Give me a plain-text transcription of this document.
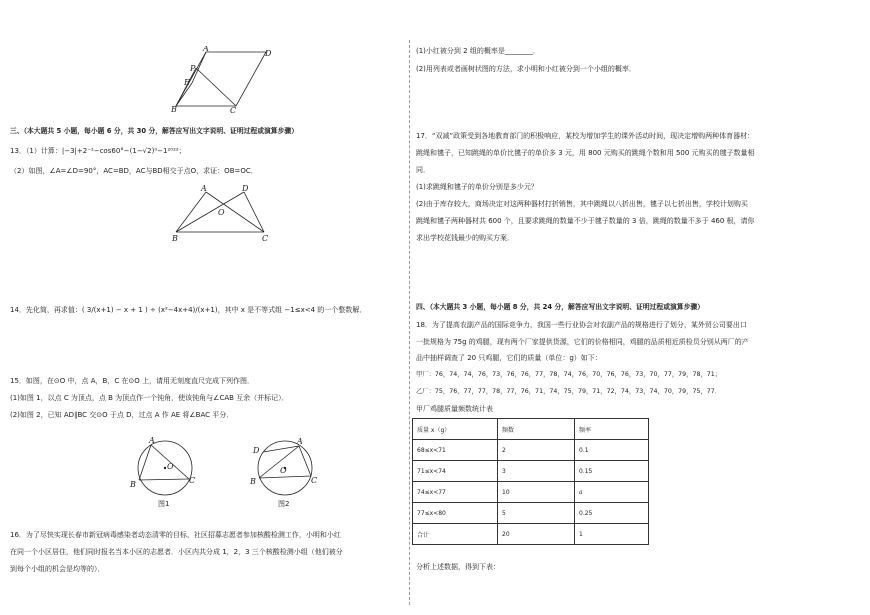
A
D
P
E
B	C
三、（本大题共 5 小题，每小题 6 分，共 30 分，解答应写出文字说明、证明过程或演算步骤）
13．（1）计算：|−3|+2⁻¹−cos60°−(1−√2)⁰−1²⁰²²；
（2）如图，∠A=∠D=90°，AC=BD，AC与BD相交于点O，求证：OB=OC．
A	D
O
B	C
14．先化简，再求值：( 3/(x+1) − x + 1 ) ÷ (x²−4x+4)/(x+1)，其中 x 是不等式组 −1≤x<4 的一个整数解．
15．如图，在⊙O 中，点 A，B，C 在⊙O 上，请用无刻度直尺完成下列作图．
(1)如图 1，以点 C 为顶点，点 B 为顶点作一个钝角，使该钝角与∠CAB 互余（并标记）．
(2)如图 2，已知 AD∥BC 交⊙O 于点 D，过点 A 作 AE 将∠BAC 平分．
A
O
B	C
图1
D
A
O
B	C
图2
16．为了尽快实现长春市新冠病毒感染者动态清零的目标，社区招募志愿者参加核酸检测工作，小明和小红
在同一个小区居住，他们同时报名当本小区的志愿者．小区内共分成 1，2，3 三个核酸检测小组（他们被分
到每个小组的机会是均等的）．
(1)小红被分到 2 组的概率是________．
(2)用列表或者画树状图的方法，求小明和小红被分到一个小组的概率．
17．“双减”政策受到各地教育部门的积极响应，某校为增加学生的课外活动时间，现决定增购两种体育器材：
跳绳和毽子，已知跳绳的单价比毽子的单价多 3 元，用 800 元购买的跳绳个数和用 500 元购买的毽子数量相
同．
(1)求跳绳和毽子的单价分别是多少元？
(2)由于库存较大，商场决定对这两种器材打折销售，其中跳绳以八折出售，毽子以七折出售，学校计划购买
跳绳和毽子两种器材共 600 个，且要求跳绳的数量不少于毽子数量的 3 倍，跳绳的数量不多于 460 根，请你
求出学校花钱最少的购买方案．
四、（本大题共 3 小题，每小题 8 分，共 24 分，解答应写出文字说明、证明过程或演算步骤）
18．为了提高农副产品的国际竞争力，我国一些行业协会对农副产品的规格进行了划分，某外贸公司要出口
一批规格为 75g 的鸡腿，现有两个厂家提供货源，它们的价格相同，鸡腿的品质相近质检员分别从两厂的产
品中抽样调查了 20 只鸡腿，它们的质量（单位：g）如下：
甲厂：76，74，74，76，73，76，76，77，78，74，76，70，76，76，73，70，77，79，78，71；
乙厂：75，76，77，77，78，77，76，71，74，75，79，71，72，74，73，74，70，79，75，77．
甲厂鸡腿质量频数统计表
质量 x（g）	频数	频率
68≤x<71	2	0.1
71≤x<74	3	0.15
74≤x<77	10	a
77≤x<80	5	0.25
合计	20	1
分析上述数据，得到下表：
